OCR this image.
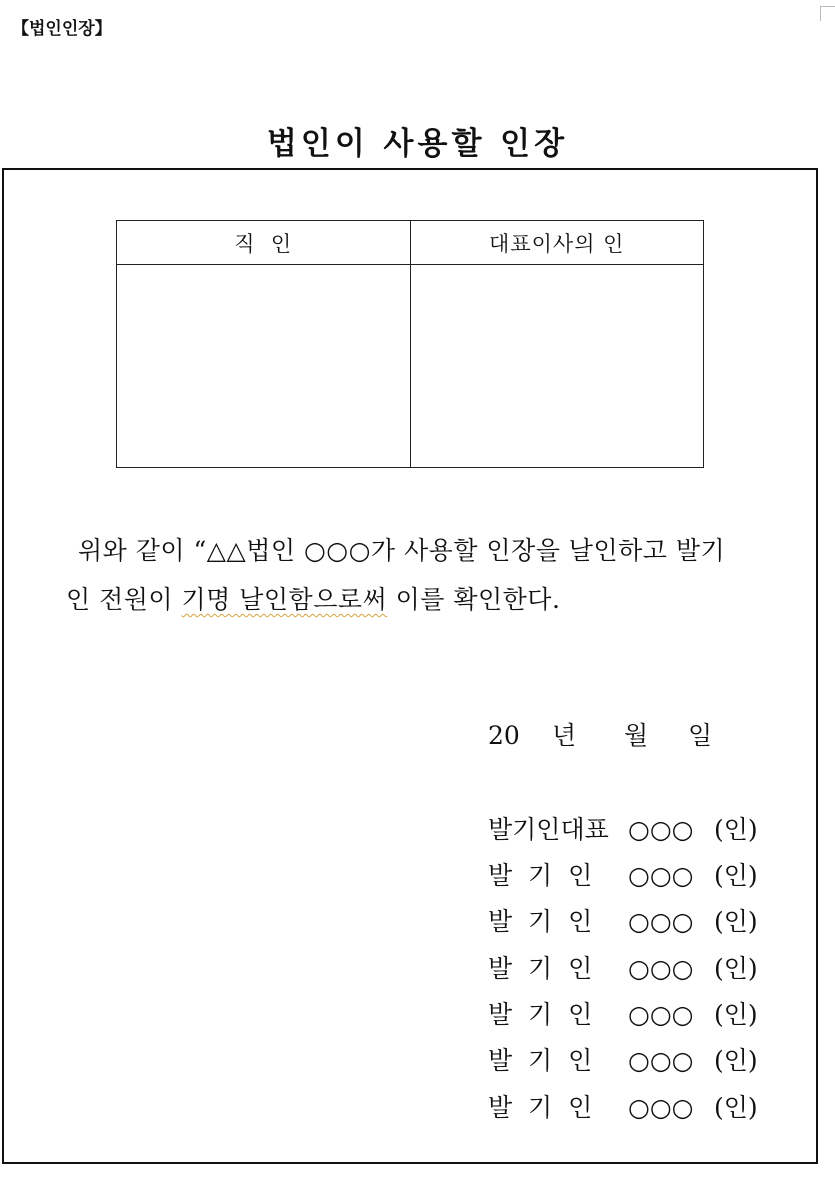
【법인인장】
법인이 사용할 인장
직  인	대표이사의 인

위와 같이 “△△법인 ○○○가 사용할 인장을 날인하고 발기
인 전원이 기명 날인함으로써 이를 확인한다.
20 년 월 일
발기인대표 ○○○ (인)
발  기  인 ○○○ (인)
발  기  인 ○○○ (인)
발  기  인 ○○○ (인)
발  기  인 ○○○ (인)
발  기  인 ○○○ (인)
발  기  인 ○○○ (인)
